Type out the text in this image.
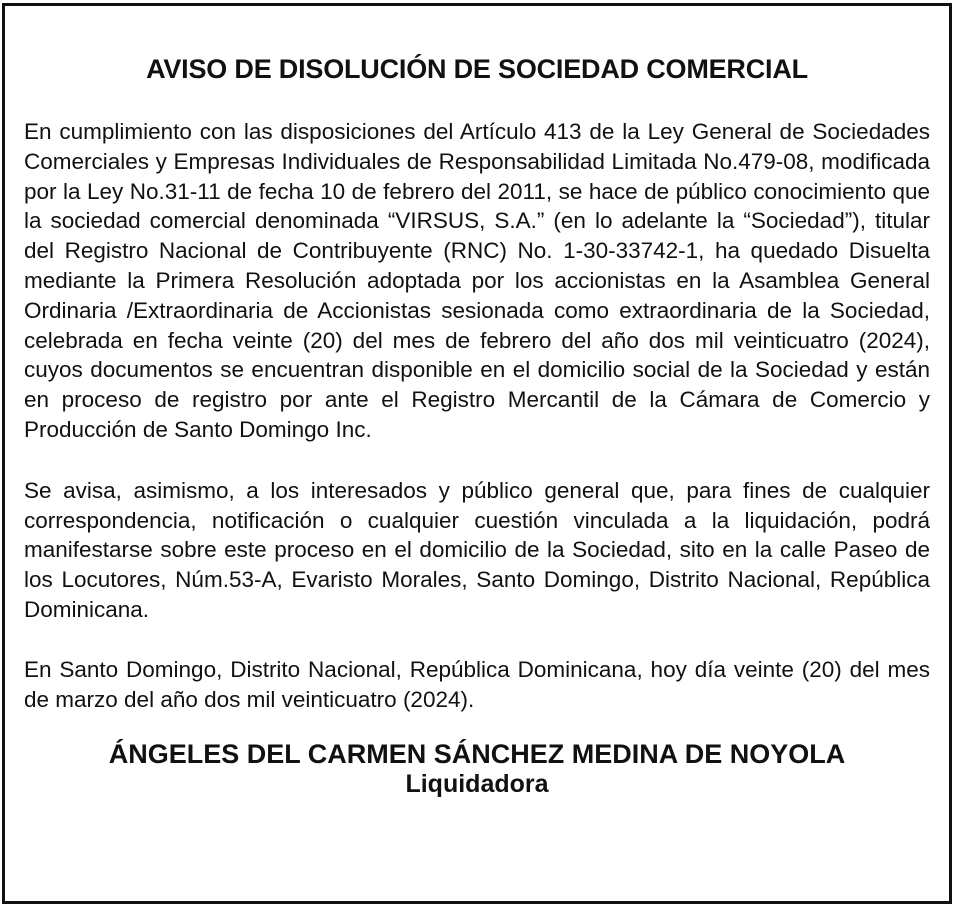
AVISO DE DISOLUCIÓN DE SOCIEDAD COMERCIAL

En cumplimiento con las disposiciones del Artículo 413 de la Ley General de Sociedades Comerciales y Empresas Individuales de Responsabilidad Limitada No.479-08, modificada por la Ley No.31-11 de fecha 10 de febrero del 2011, se hace de público conocimiento que la sociedad comercial denominada “VIRSUS, S.A.” (en lo adelante la “Sociedad”), titular del Registro Nacional de Contribuyente (RNC) No. 1-30-33742-1, ha quedado Disuelta mediante la Primera Resolución adoptada por los accionistas en la Asamblea General Ordinaria /Extraordinaria de Accionistas sesionada como extraordinaria de la Sociedad, celebrada en fecha veinte (20) del mes de febrero del año dos mil veinticuatro (2024), cuyos documentos se encuentran disponible en el domicilio social de la Sociedad y están en proceso de registro por ante el Registro Mercantil de la Cámara de Comercio y Producción de Santo Domingo Inc.

Se avisa, asimismo, a los interesados y público general que, para fines de cualquier correspondencia, notificación o cualquier cuestión vinculada a la liquidación, podrá manifestarse sobre este proceso en el domicilio de la Sociedad, sito en la calle Paseo de los Locutores, Núm.53-A, Evaristo Morales, Santo Domingo, Distrito Nacional, República Dominicana.

En Santo Domingo, Distrito Nacional, República Dominicana, hoy día veinte (20) del mes de marzo del año dos mil veinticuatro (2024).

ÁNGELES DEL CARMEN SÁNCHEZ MEDINA DE NOYOLA
Liquidadora
